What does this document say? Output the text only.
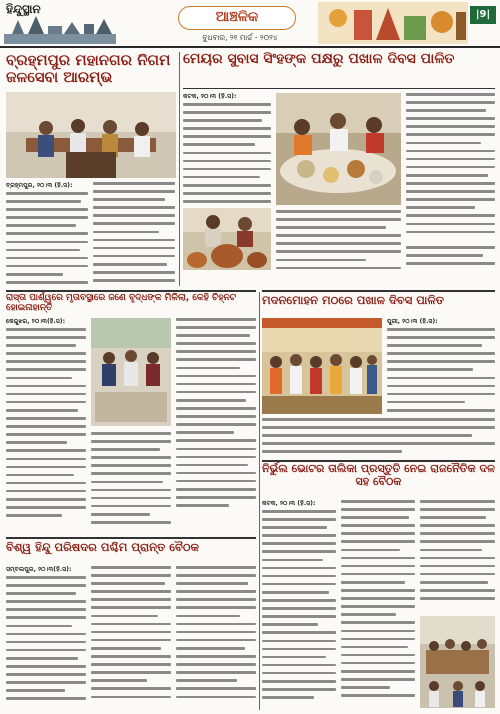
ହିନ୍ଦୁସ୍ଥାନ	ଆଞ୍ଚଳିକ
ବୁଧବାର, ୨୧ ମାର୍ଚ୍ଚ - ୨୦୨୪
|9|
ବ୍ରହ୍ମପୁର ମହାନଗର ନିଗମ ଜଳସେବା ଆରମ୍ଭ
ବ୍ରହ୍ମପୁର, ୨୦।୩ (ହି.ସ):
ମେୟର ସୁବାସ ସିଂହଙ୍କ ପକ୍ଷରୁ ପଖାଳ ଦିବସ ପାଳିତ
କଟକ, ୨୦।୩ (ହି.ସ):
ରାସ୍ତା ପାର୍ଶ୍ୱରେ ମୃତାବସ୍ଥାରେ ଜଣେ ବୃଦ୍ଧଙ୍କ ମିଳିଲା, କେହି ଚିହ୍ନଟ ହୋଇନାହାନ୍ତି
କେନ୍ଦୁଝର, ୨୦।୩(ହି.ସ):
ମଦନମୋହନ ମଠରେ ପଖାଳ ଦିବସ ପାଳିତ
ପୁରୀ, ୨୦।୩ (ହି.ସ):
ନିର୍ଭୁଲ ଭୋଟର ତାଲିକା ପ୍ରସ୍ତୁତି ନେଇ ରାଜନୈତିକ ଦଳ ସହ ବୈଠକ
କଟକ, ୨୦।୩ (ହି.ସ):
ବିଶ୍ୱ ହିନ୍ଦୁ ପରିଷଦର ପଶ୍ଚିମ ପ୍ରାନ୍ତ ବୈଠକ
ସମ୍ବଲପୁର, ୨୦।୩(ହି.ସ):
